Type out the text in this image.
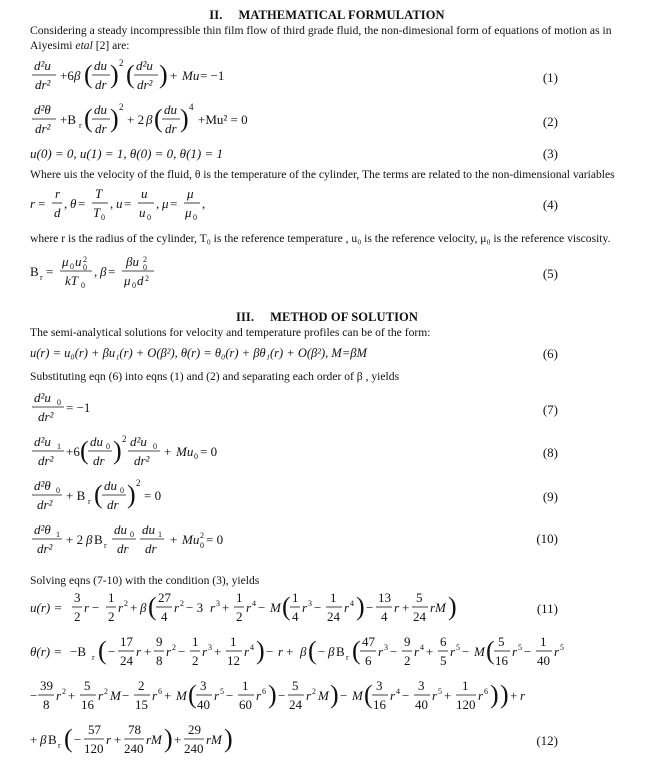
II. MATHEMATICAL FORMULATION
Considering a steady incompressible thin film flow of third grade fluid, the non-dimesional form of equations of motion as in
Aiyesimi etal [2] are:
d²u
dr²
+6 β ( du
dr ) 2 ( d²u
dr² ) + Mu = −1	(1)
d²θ
dr²
+B r ( du
dr ) 2
+ 2 β ( du
dr ) 4
+Mu² = 0	(2)
u(0) = 0, u(1) = 1, θ(0) = 0, θ(1) = 1	(3)
Where uis the velocity of the fluid, θ is the temperature of the cylinder, The terms are related to the non-dimensional variables
r =
r
d
, θ =
T
T 0
, u =
u
u 0
, μ =
μ
μ 0
,	(4)
where r is the radius of the cylinder, T₀ is the reference temperature , u₀ is the reference velocity, μ₀ is the reference viscosity.
B r =
μ 0 u 2
0
kT 0
, β =
βu 2
0
μ 0 d 2	(5)
III. METHOD OF SOLUTION
The semi-analytical solutions for velocity and temperature profiles can be of the form:
u(r) = u₀(r) + βu₁(r) + O(β²), θ(r) = θ₀(r) + βθ₁(r) + O(β²), M=βM	(6)
Substituting eqn (6) into eqns (1) and (2) and separating each order of β , yields
d²u 0
dr²
= −1	(7)
d²u 1
dr²
+6 ( du 0
dr ) 2 d²u 0
dr²
+ Mu 0 = 0	(8)
d²θ 0
dr²
+ B r ( du 0
dr ) 2
= 0	(9)
d²θ 1
dr²
+ 2 β B r
du 0
dr
du 1
dr
+ Mu 2
0 = 0	(10)
Solving eqns (7-10) with the condition (3), yields
u(r) =
3
2
r −
1
2
r 2 + β ( 27
4
r 2 − 3 r 3 +
1
2
r 4 − M ( 1
4
r 3 −
1
24
r 4 ) −
13
4
r +
5
24
rM )	(11)
θ(r) = −B r ( −
17
24
r +
9
8
r 2 −
1
2
r 3 +
1
12
r 4 ) − r + β ( − β B r ( 47
6
r 3 −
9
2
r 4 +
6
5
r 5 − M ( 5
16
r 5 −
1
40
r 5
−
39
8
r 2 +
5
16
r 2 M −
2
15
r 6 + M ( 3
40
r 5 −
1
60
r 6 ) −
5
24
r 2 M ) − M ( 3
16
r 4 −
3
40
r 5 +
1
120
r 6 ) ) + r
+ β B r ( −
57
120
r +
78
240
rM ) +
29
240
rM )	(12)
